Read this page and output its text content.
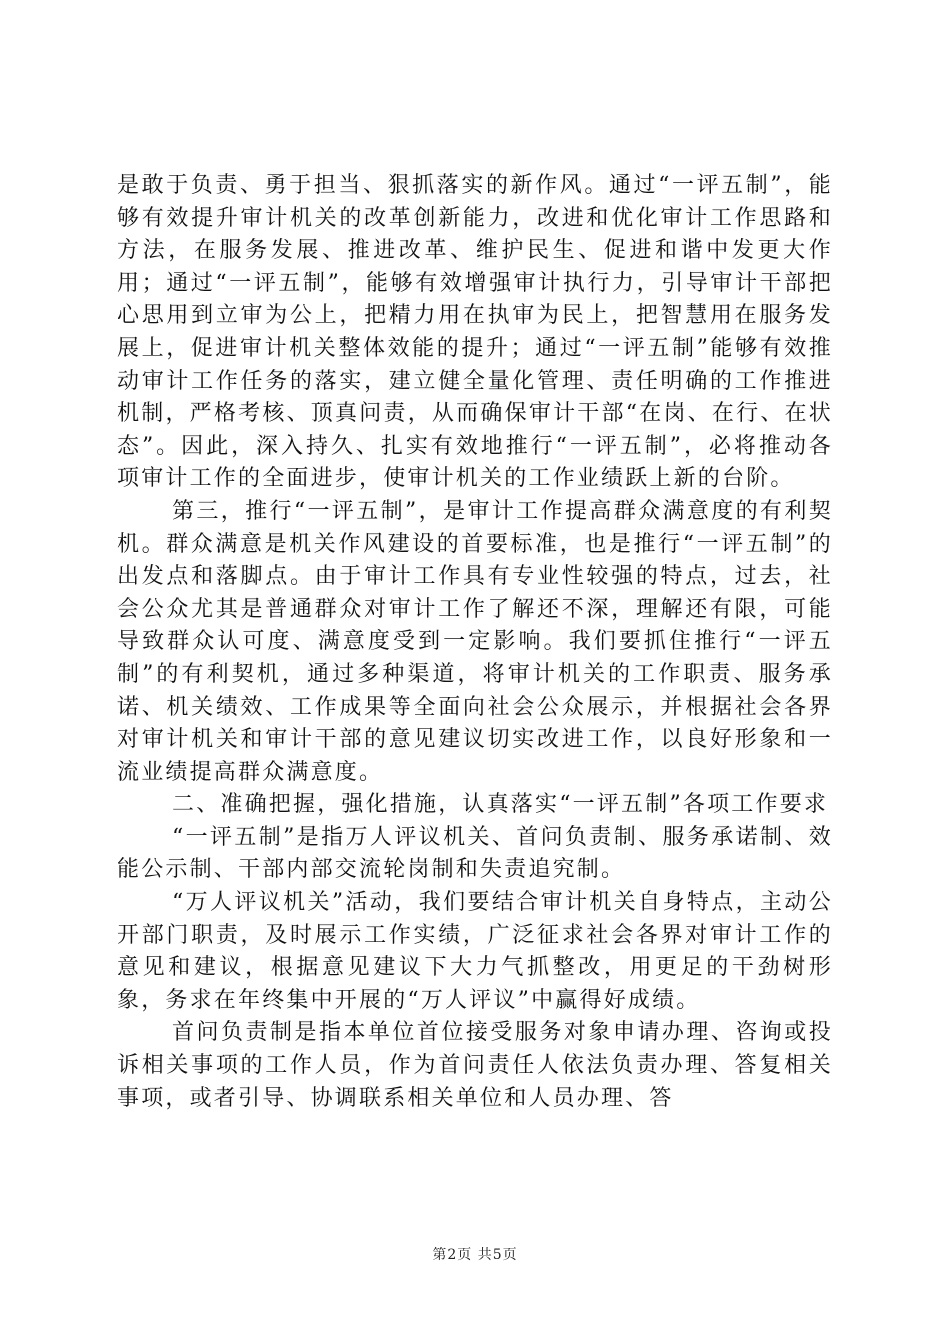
是敢于负责、勇于担当、狠抓落实的新作风。通过“一评五制”，能够有效提升审计机关的改革创新能力，改进和优化审计工作思路和方法，在服务发展、推进改革、维护民生、促进和谐中发更大作用；通过“一评五制”，能够有效增强审计执行力，引导审计干部把心思用到立审为公上，把精力用在执审为民上，把智慧用在服务发展上，促进审计机关整体效能的提升；通过“一评五制”能够有效推动审计工作任务的落实，建立健全量化管理、责任明确的工作推进机制，严格考核、顶真问责，从而确保审计干部“在岗、在行、在状态”。因此，深入持久、扎实有效地推行“一评五制”，必将推动各项审计工作的全面进步，使审计机关的工作业绩跃上新的台阶。

第三，推行“一评五制”，是审计工作提高群众满意度的有利契机。群众满意是机关作风建设的首要标准，也是推行“一评五制”的出发点和落脚点。由于审计工作具有专业性较强的特点，过去，社会公众尤其是普通群众对审计工作了解还不深，理解还有限，可能导致群众认可度、满意度受到一定影响。我们要抓住推行“一评五制”的有利契机，通过多种渠道，将审计机关的工作职责、服务承诺、机关绩效、工作成果等全面向社会公众展示，并根据社会各界对审计机关和审计干部的意见建议切实改进工作，以良好形象和一流业绩提高群众满意度。

二、准确把握，强化措施，认真落实“一评五制”各项工作要求

“一评五制”是指万人评议机关、首问负责制、服务承诺制、效能公示制、干部内部交流轮岗制和失责追究制。

“万人评议机关”活动，我们要结合审计机关自身特点，主动公开部门职责，及时展示工作实绩，广泛征求社会各界对审计工作的意见和建议，根据意见建议下大力气抓整改，用更足的干劲树形象，务求在年终集中开展的“万人评议”中赢得好成绩。

首问负责制是指本单位首位接受服务对象申请办理、咨询或投诉相关事项的工作人员，作为首问责任人依法负责办理、答复相关事项，或者引导、协调联系相关单位和人员办理、答

第2页 共5页
